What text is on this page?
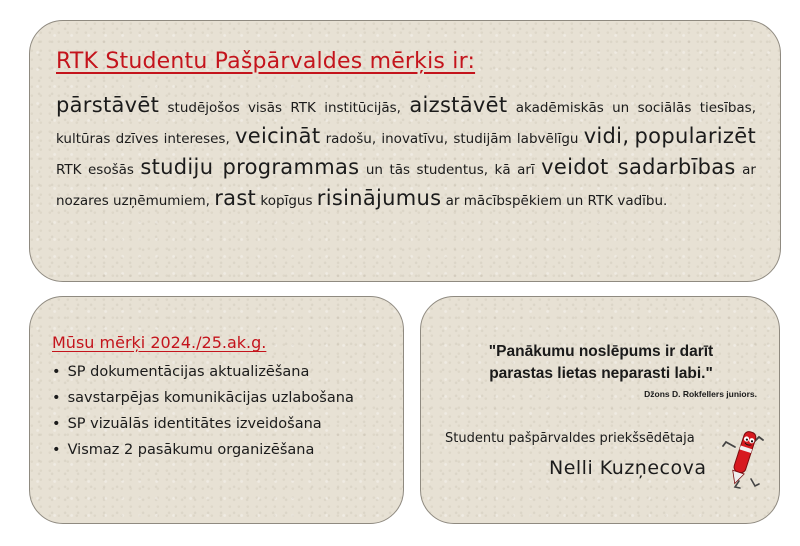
RTK Studentu Pašpārvaldes mērķis ir:
pārstāvēt studējošos visās RTK institūcijās, aizstāvēt akadēmiskās un sociālās tiesības, kultūras dzīves intereses, veicināt radošu, inovatīvu, studijām labvēlīgu vidi, popularizēt RTK esošās studiju programmas un tās studentus, kā arī veidot sadarbības ar nozares uzņēmumiem, rast kopīgus risinājumus ar mācībspēkiem un RTK vadību.
Mūsu mērķi 2024./25.ak.g.
• SP dokumentācijas aktualizēšana
• savstarpējas komunikācijas uzlabošana
• SP vizuālās identitātes izveidošana
• Vismaz 2 pasākumu organizēšana
"Panākumu noslēpums ir darīt
parastas lietas neparasti labi."
Džons D. Rokfellers juniors.
Studentu pašpārvaldes priekšsēdētaja
Nelli Kuzņecova
